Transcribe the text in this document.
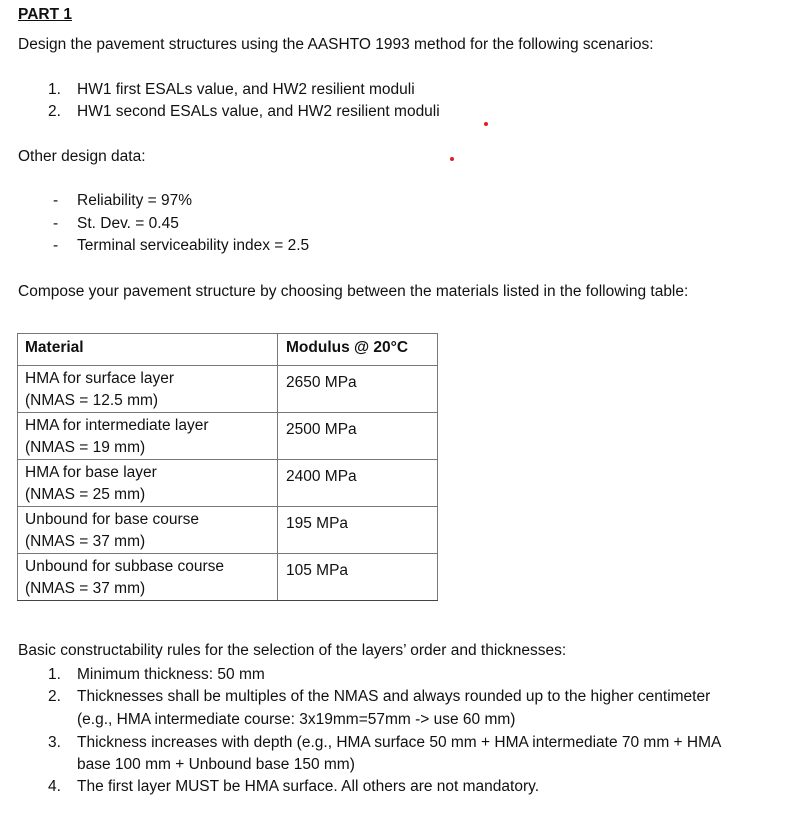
PART 1
Design the pavement structures using the AASHTO 1993 method for the following scenarios:
1. HW1 first ESALs value, and HW2 resilient moduli
2. HW1 second ESALs value, and HW2 resilient moduli
Other design data:
- Reliability = 97%
- St. Dev. = 0.45
- Terminal serviceability index = 2.5
Compose your pavement structure by choosing between the materials listed in the following table:
Material	Modulus @ 20°C

HMA for surface layer
(NMAS = 12.5 mm)	2650 MPa

HMA for intermediate layer
(NMAS = 19 mm)	2500 MPa

HMA for base layer
(NMAS = 25 mm)	2400 MPa

Unbound for base course
(NMAS = 37 mm)	195 MPa

Unbound for subbase course
(NMAS = 37 mm)	105 MPa
Basic constructability rules for the selection of the layers’ order and thicknesses:
1. Minimum thickness: 50 mm
2. Thicknesses shall be multiples of the NMAS and always rounded up to the higher centimeter
(e.g., HMA intermediate course: 3x19mm=57mm -> use 60 mm)
3. Thickness increases with depth (e.g., HMA surface 50 mm + HMA intermediate 70 mm + HMA
base 100 mm + Unbound base 150 mm)
4. The first layer MUST be HMA surface. All others are not mandatory.
